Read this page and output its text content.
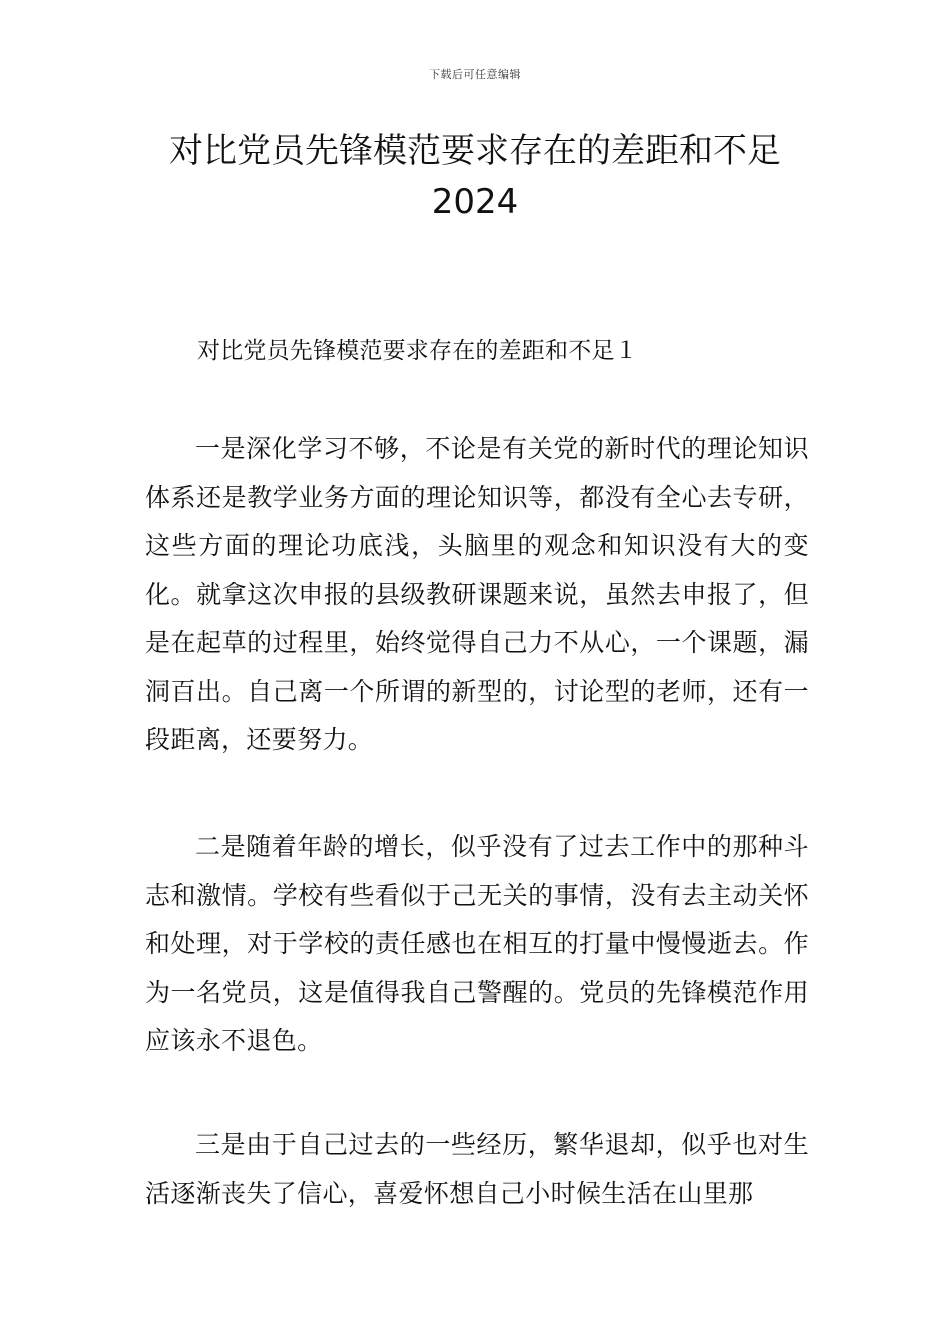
下载后可任意编辑
对比党员先锋模范要求存在的差距和不足
2024
对比党员先锋模范要求存在的差距和不足１

一是深化学习不够，不论是有关党的新时代的理论知识体系还是教学业务方面的理论知识等，都没有全心去专研，这些方面的理论功底浅，头脑里的观念和知识没有大的变化。就拿这次申报的县级教研课题来说，虽然去申报了，但是在起草的过程里，始终觉得自己力不从心，一个课题，漏洞百出。自己离一个所谓的新型的，讨论型的老师，还有一段距离，还要努力。

二是随着年龄的增长，似乎没有了过去工作中的那种斗志和激情。学校有些看似于己无关的事情，没有去主动关怀和处理，对于学校的责任感也在相互的打量中慢慢逝去。作为一名党员，这是值得我自己警醒的。党员的先锋模范作用应该永不退色。

三是由于自己过去的一些经历，繁华退却，似乎也对生活逐渐丧失了信心，喜爱怀想自己小时候生活在山里那
